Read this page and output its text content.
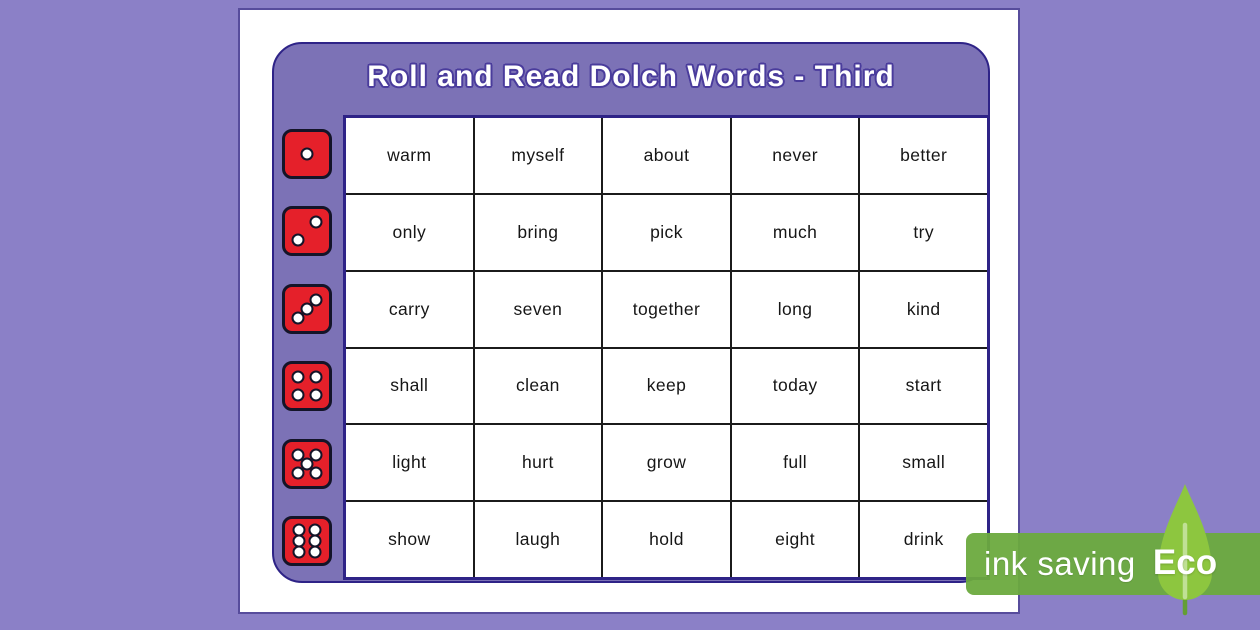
Roll and Read Dolch Words - Third
warm	myself	about	never	better
only	bring	pick	much	try
carry	seven	together	long	kind
shall	clean	keep	today	start
light	hurt	grow	full	small
show	laugh	hold	eight	drink
ink saving Eco
